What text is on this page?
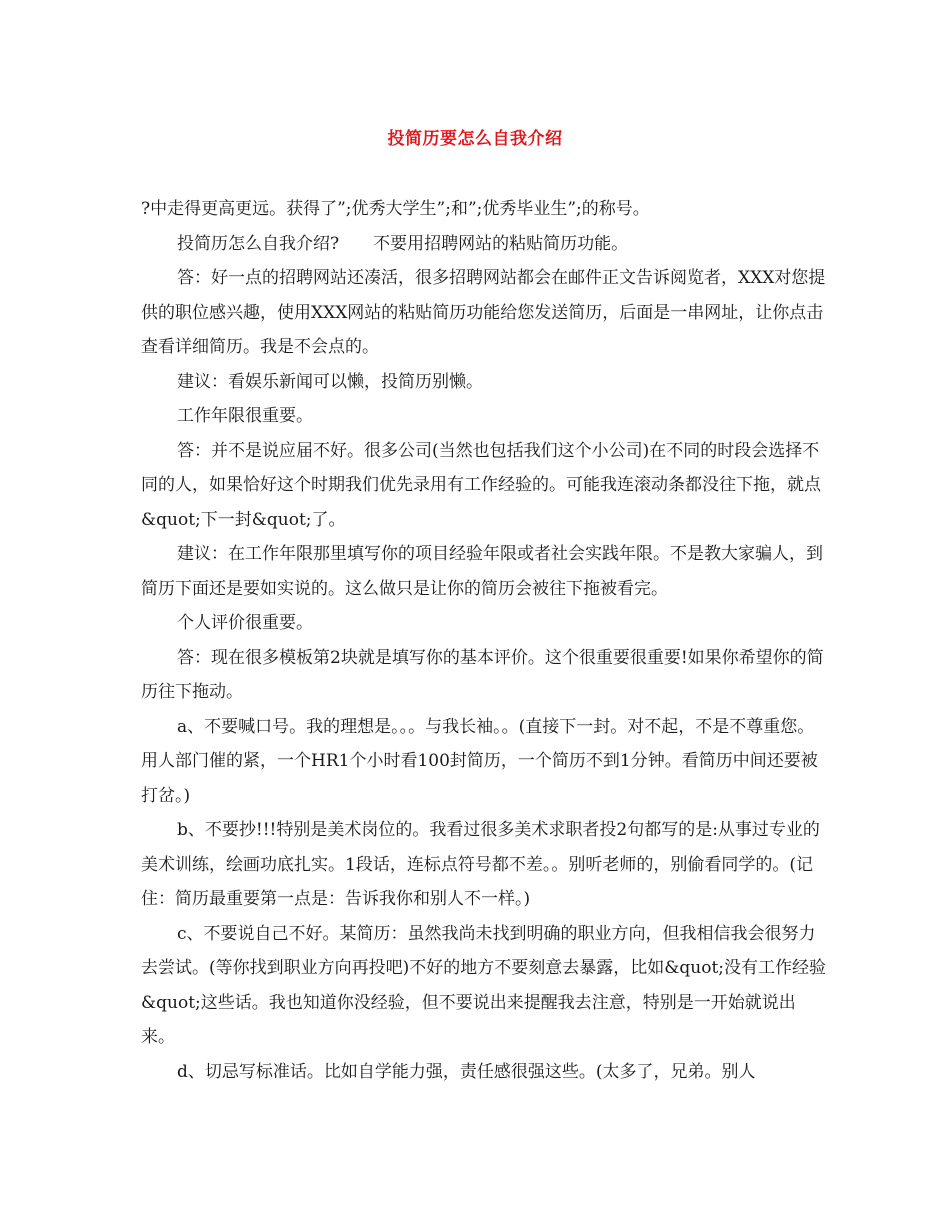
投简历要怎么自我介绍

?中走得更高更远。获得了”;优秀大学生”;和”;优秀毕业生”;的称号。

投简历怎么自我介绍?　　不要用招聘网站的粘贴简历功能。

答：好一点的招聘网站还凑活，很多招聘网站都会在邮件正文告诉阅览者，XXX对您提供的职位感兴趣，使用XXX网站的粘贴简历功能给您发送简历，后面是一串网址，让你点击查看详细简历。我是不会点的。

建议：看娱乐新闻可以懒，投简历别懒。

工作年限很重要。

答：并不是说应届不好。很多公司(当然也包括我们这个小公司)在不同的时段会选择不同的人，如果恰好这个时期我们优先录用有工作经验的。可能我连滚动条都没往下拖，就点&quot;下一封&quot;了。

建议：在工作年限那里填写你的项目经验年限或者社会实践年限。不是教大家骗人，到简历下面还是要如实说的。这么做只是让你的简历会被往下拖被看完。

个人评价很重要。

答：现在很多模板第2块就是填写你的基本评价。这个很重要很重要!如果你希望你的简历往下拖动。

a、不要喊口号。我的理想是。。。与我长袖。。(直接下一封。对不起，不是不尊重您。用人部门催的紧，一个HR1个小时看100封简历，一个简历不到1分钟。看简历中间还要被打岔。)

b、不要抄!!!特别是美术岗位的。我看过很多美术求职者投2句都写的是:从事过专业的美术训练，绘画功底扎实。1段话，连标点符号都不差。。别听老师的，别偷看同学的。(记住：简历最重要第一点是：告诉我你和别人不一样。)

c、不要说自己不好。某简历：虽然我尚未找到明确的职业方向，但我相信我会很努力去尝试。(等你找到职业方向再投吧)不好的地方不要刻意去暴露，比如&quot;没有工作经验&quot;这些话。我也知道你没经验，但不要说出来提醒我去注意，特别是一开始就说出来。

d、切忌写标准话。比如自学能力强，责任感很强这些。(太多了，兄弟。别人
